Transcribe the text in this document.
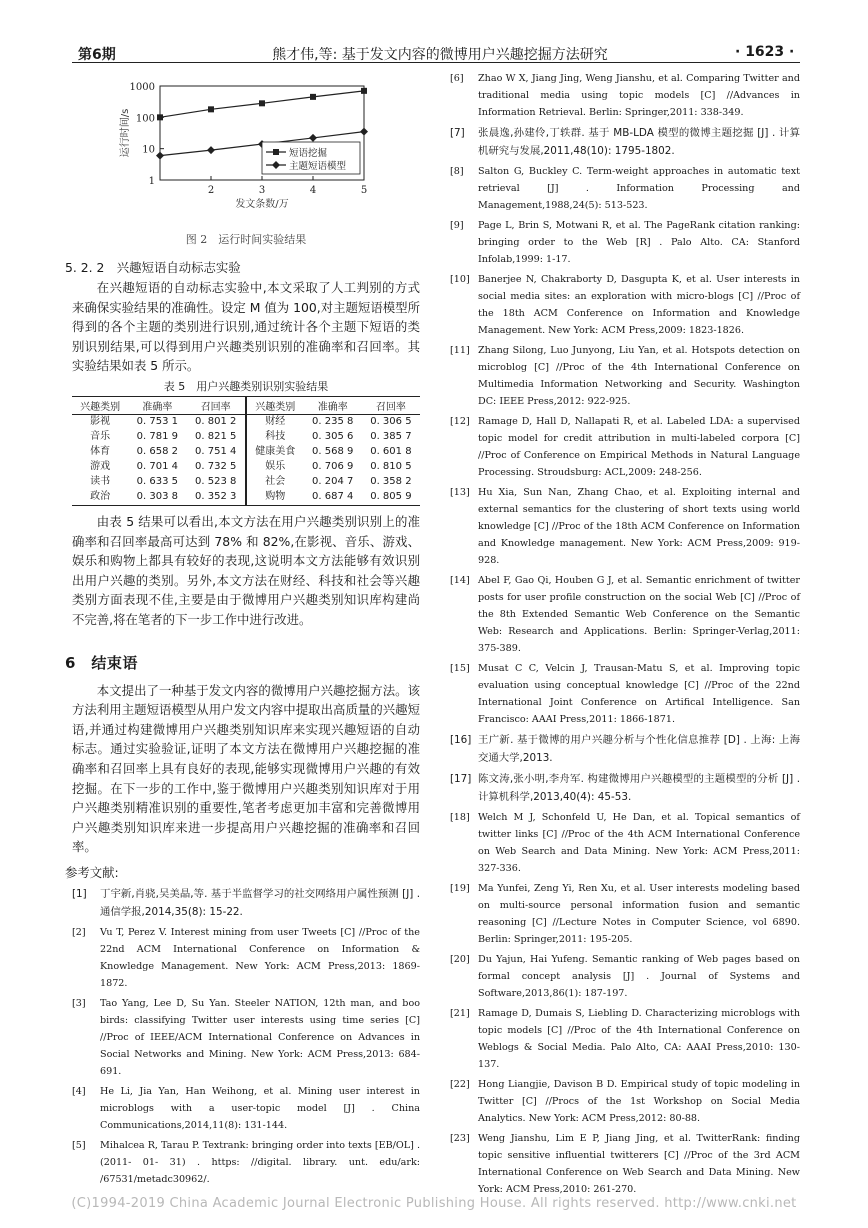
第6期	熊才伟,等: 基于发文内容的微博用户兴趣挖掘方法研究	· 1623 ·
1
10
100
1000
2	3	4	5
发文条数/万
运行时间/s	短语挖掘
主题短语模型
图 2　运行时间实验结果
5. 2. 2　兴趣短语自动标志实验

在兴趣短语的自动标志实验中,本文采取了人工判别的方式来确保实验结果的准确性。设定 M 值为 100,对主题短语模型所得到的各个主题的类别进行识别,通过统计各个主题下短语的类别识别结果,可以得到用户兴趣类别识别的准确率和召回率。其实验结果如表 5 所示。

表 5　用户兴趣类别识别实验结果
兴趣类别	准确率	召回率	兴趣类别	准确率	召回率
影视	0. 753 1	0. 801 2	财经	0. 235 8	0. 306 5
音乐	0. 781 9	0. 821 5	科技	0. 305 6	0. 385 7
体育	0. 658 2	0. 751 4	健康美食	0. 568 9	0. 601 8
游戏	0. 701 4	0. 732 5	娱乐	0. 706 9	0. 810 5
读书	0. 633 5	0. 523 8	社会	0. 204 7	0. 358 2
政治	0. 303 8	0. 352 3	购物	0. 687 4	0. 805 9

由表 5 结果可以看出,本文方法在用户兴趣类别识别上的准确率和召回率最高可达到 78% 和 82%,在影视、音乐、游戏、娱乐和购物上都具有较好的表现,这说明本文方法能够有效识别出用户兴趣的类别。另外,本文方法在财经、科技和社会等兴趣类别方面表现不佳,主要是由于微博用户兴趣类别知识库构建尚不完善,将在笔者的下一步工作中进行改进。

6　结束语

本文提出了一种基于发文内容的微博用户兴趣挖掘方法。该方法利用主题短语模型从用户发文内容中提取出高质量的兴趣短语,并通过构建微博用户兴趣类别知识库来实现兴趣短语的自动标志。通过实验验证,证明了本文方法在微博用户兴趣挖掘的准确率和召回率上具有良好的表现,能够实现微博用户兴趣的有效挖掘。在下一步的工作中,鉴于微博用户兴趣类别知识库对于用户兴趣类别精准识别的重要性,笔者考虑更加丰富和完善微博用户兴趣类别知识库来进一步提高用户兴趣挖掘的准确率和召回率。

参考文献:
[1] 丁宇新,肖骁,吴美晶,等. 基于半监督学习的社交网络用户属性预测 [J] . 通信学报,2014,35(8): 15-22.
[2] Vu T, Perez V. Interest mining from user Tweets [C] //Proc of the 22nd ACM International Conference on Information & Knowledge Management. New York: ACM Press,2013: 1869-1872.
[3] Tao Yang, Lee D, Su Yan. Steeler NATION, 12th man, and boo birds: classifying Twitter user interests using time series [C] //Proc of IEEE/ACM International Conference on Advances in Social Networks and Mining. New York: ACM Press,2013: 684-691.
[4] He Li, Jia Yan, Han Weihong, et al. Mining user interest in microblogs with a user-topic model [J] . China Communications,2014,11(8): 131-144.
[5] Mihalcea R, Tarau P. Textrank: bringing order into texts [EB/OL] . (2011- 01- 31) . https: //digital. library. unt. edu/ark: /67531/metadc30962/.
[6] Zhao W X, Jiang Jing, Weng Jianshu, et al. Comparing Twitter and traditional media using topic models [C] //Advances in Information Retrieval. Berlin: Springer,2011: 338-349.
[7] 张晨逸,孙建伶,丁轶群. 基于 MB-LDA 模型的微博主题挖掘 [J] . 计算机研究与发展,2011,48(10): 1795-1802.
[8] Salton G, Buckley C. Term-weight approaches in automatic text retrieval [J] . Information Processing and Management,1988,24(5): 513-523.
[9] Page L, Brin S, Motwani R, et al. The PageRank citation ranking: bringing order to the Web [R] . Palo Alto. CA: Stanford Infolab,1999: 1-17.
[10] Banerjee N, Chakraborty D, Dasgupta K, et al. User interests in social media sites: an exploration with micro-blogs [C] //Proc of the 18th ACM Conference on Information and Knowledge Management. New York: ACM Press,2009: 1823-1826.
[11] Zhang Silong, Luo Junyong, Liu Yan, et al. Hotspots detection on microblog [C] //Proc of the 4th International Conference on Multimedia Information Networking and Security. Washington DC: IEEE Press,2012: 922-925.
[12] Ramage D, Hall D, Nallapati R, et al. Labeled LDA: a supervised topic model for credit attribution in multi-labeled corpora [C] //Proc of Conference on Empirical Methods in Natural Language Processing. Stroudsburg: ACL,2009: 248-256.
[13] Hu Xia, Sun Nan, Zhang Chao, et al. Exploiting internal and external semantics for the clustering of short texts using world knowledge [C] //Proc of the 18th ACM Conference on Information and Knowledge management. New York: ACM Press,2009: 919-928.
[14] Abel F, Gao Qi, Houben G J, et al. Semantic enrichment of twitter posts for user profile construction on the social Web [C] //Proc of the 8th Extended Semantic Web Conference on the Semantic Web: Research and Applications. Berlin: Springer-Verlag,2011: 375-389.
[15] Musat C C, Velcin J, Trausan-Matu S, et al. Improving topic evaluation using conceptual knowledge [C] //Proc of the 22nd International Joint Conference on Artifical Intelligence. San Francisco: AAAI Press,2011: 1866-1871.
[16] 王广新. 基于微博的用户兴趣分析与个性化信息推荐 [D] . 上海: 上海交通大学,2013.
[17] 陈文涛,张小明,李舟军. 构建微博用户兴趣模型的主题模型的分析 [J] . 计算机科学,2013,40(4): 45-53.
[18] Welch M J, Schonfeld U, He Dan, et al. Topical semantics of twitter links [C] //Proc of the 4th ACM International Conference on Web Search and Data Mining. New York: ACM Press,2011: 327-336.
[19] Ma Yunfei, Zeng Yi, Ren Xu, et al. User interests modeling based on multi-source personal information fusion and semantic reasoning [C] //Lecture Notes in Computer Science, vol 6890. Berlin: Springer,2011: 195-205.
[20] Du Yajun, Hai Yufeng. Semantic ranking of Web pages based on formal concept analysis [J] . Journal of Systems and Software,2013,86(1): 187-197.
[21] Ramage D, Dumais S, Liebling D. Characterizing microblogs with topic models [C] //Proc of the 4th International Conference on Weblogs & Social Media. Palo Alto, CA: AAAI Press,2010: 130-137.
[22] Hong Liangjie, Davison B D. Empirical study of topic modeling in Twitter [C] //Procs of the 1st Workshop on Social Media Analytics. New York: ACM Press,2012: 80-88.
[23] Weng Jianshu, Lim E P, Jiang Jing, et al. TwitterRank: finding topic sensitive influential twitterers [C] //Proc of the 3rd ACM International Conference on Web Search and Data Mining. New York: ACM Press,2010: 261-270.
(C)1994-2019 China Academic Journal Electronic Publishing House. All rights reserved. http://www.cnki.net
